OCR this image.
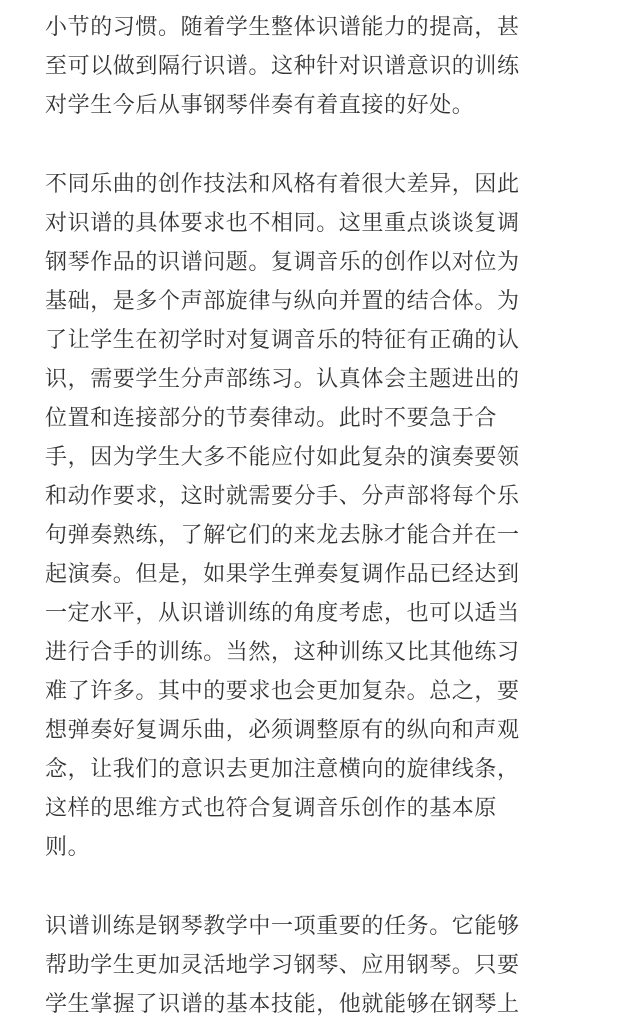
小节的习惯。随着学生整体识谱能力的提高，甚
至可以做到隔行识谱。这种针对识谱意识的训练
对学生今后从事钢琴伴奏有着直接的好处。

不同乐曲的创作技法和风格有着很大差异，因此
对识谱的具体要求也不相同。这里重点谈谈复调
钢琴作品的识谱问题。复调音乐的创作以对位为
基础，是多个声部旋律与纵向并置的结合体。为
了让学生在初学时对复调音乐的特征有正确的认
识，需要学生分声部练习。认真体会主题进出的
位置和连接部分的节奏律动。此时不要急于合
手，因为学生大多不能应付如此复杂的演奏要领
和动作要求，这时就需要分手、分声部将每个乐
句弹奏熟练，了解它们的来龙去脉才能合并在一
起演奏。但是，如果学生弹奏复调作品已经达到
一定水平，从识谱训练的角度考虑，也可以适当
进行合手的训练。当然，这种训练又比其他练习
难了许多。其中的要求也会更加复杂。总之，要
想弹奏好复调乐曲，必须调整原有的纵向和声观
念，让我们的意识去更加注意横向的旋律线条，
这样的思维方式也符合复调音乐创作的基本原
则。

识谱训练是钢琴教学中一项重要的任务。它能够
帮助学生更加灵活地学习钢琴、应用钢琴。只要
学生掌握了识谱的基本技能，他就能够在钢琴上
